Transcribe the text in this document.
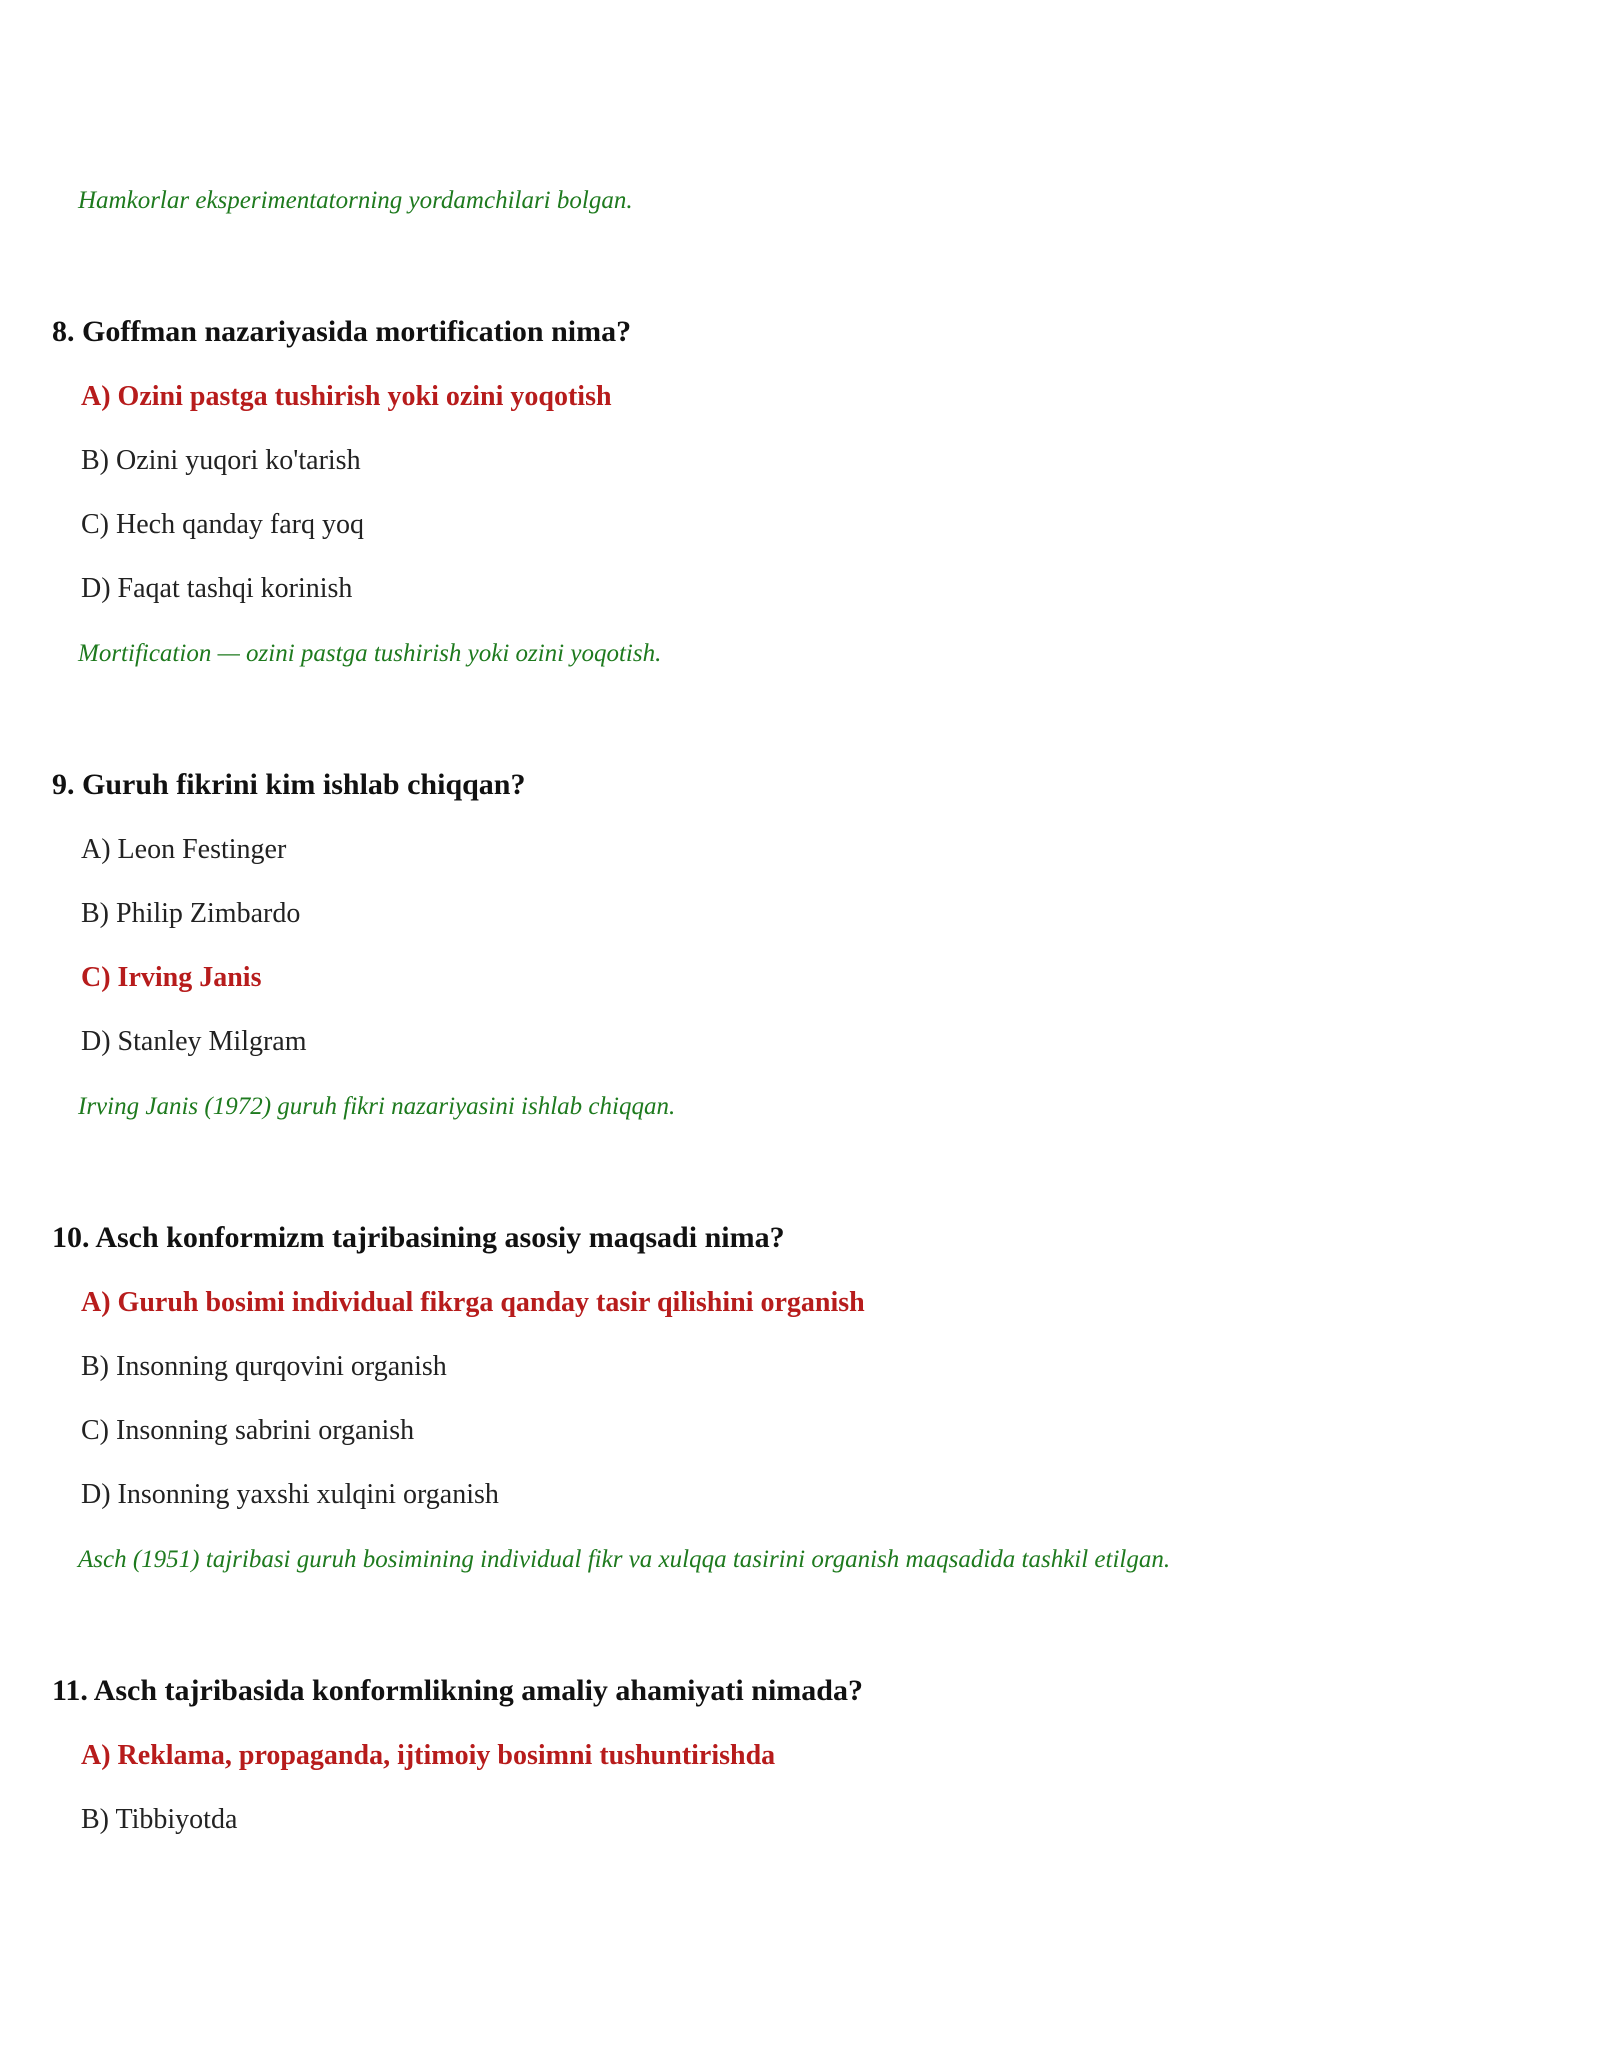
Hamkorlar eksperimentatorning yordamchilari bolgan.
8. Goffman nazariyasida mortification nima?
A) Ozini pastga tushirish yoki ozini yoqotish
B) Ozini yuqori ko'tarish
C) Hech qanday farq yoq
D) Faqat tashqi korinish
Mortification — ozini pastga tushirish yoki ozini yoqotish.
9. Guruh fikrini kim ishlab chiqqan?
A) Leon Festinger
B) Philip Zimbardo
C) Irving Janis
D) Stanley Milgram
Irving Janis (1972) guruh fikri nazariyasini ishlab chiqqan.
10. Asch konformizm tajribasining asosiy maqsadi nima?
A) Guruh bosimi individual fikrga qanday tasir qilishini organish
B) Insonning qurqovini organish
C) Insonning sabrini organish
D) Insonning yaxshi xulqini organish
Asch (1951) tajribasi guruh bosimining individual fikr va xulqqa tasirini organish maqsadida tashkil etilgan.
11. Asch tajribasida konformlikning amaliy ahamiyati nimada?
A) Reklama, propaganda, ijtimoiy bosimni tushuntirishda
B) Tibbiyotda
